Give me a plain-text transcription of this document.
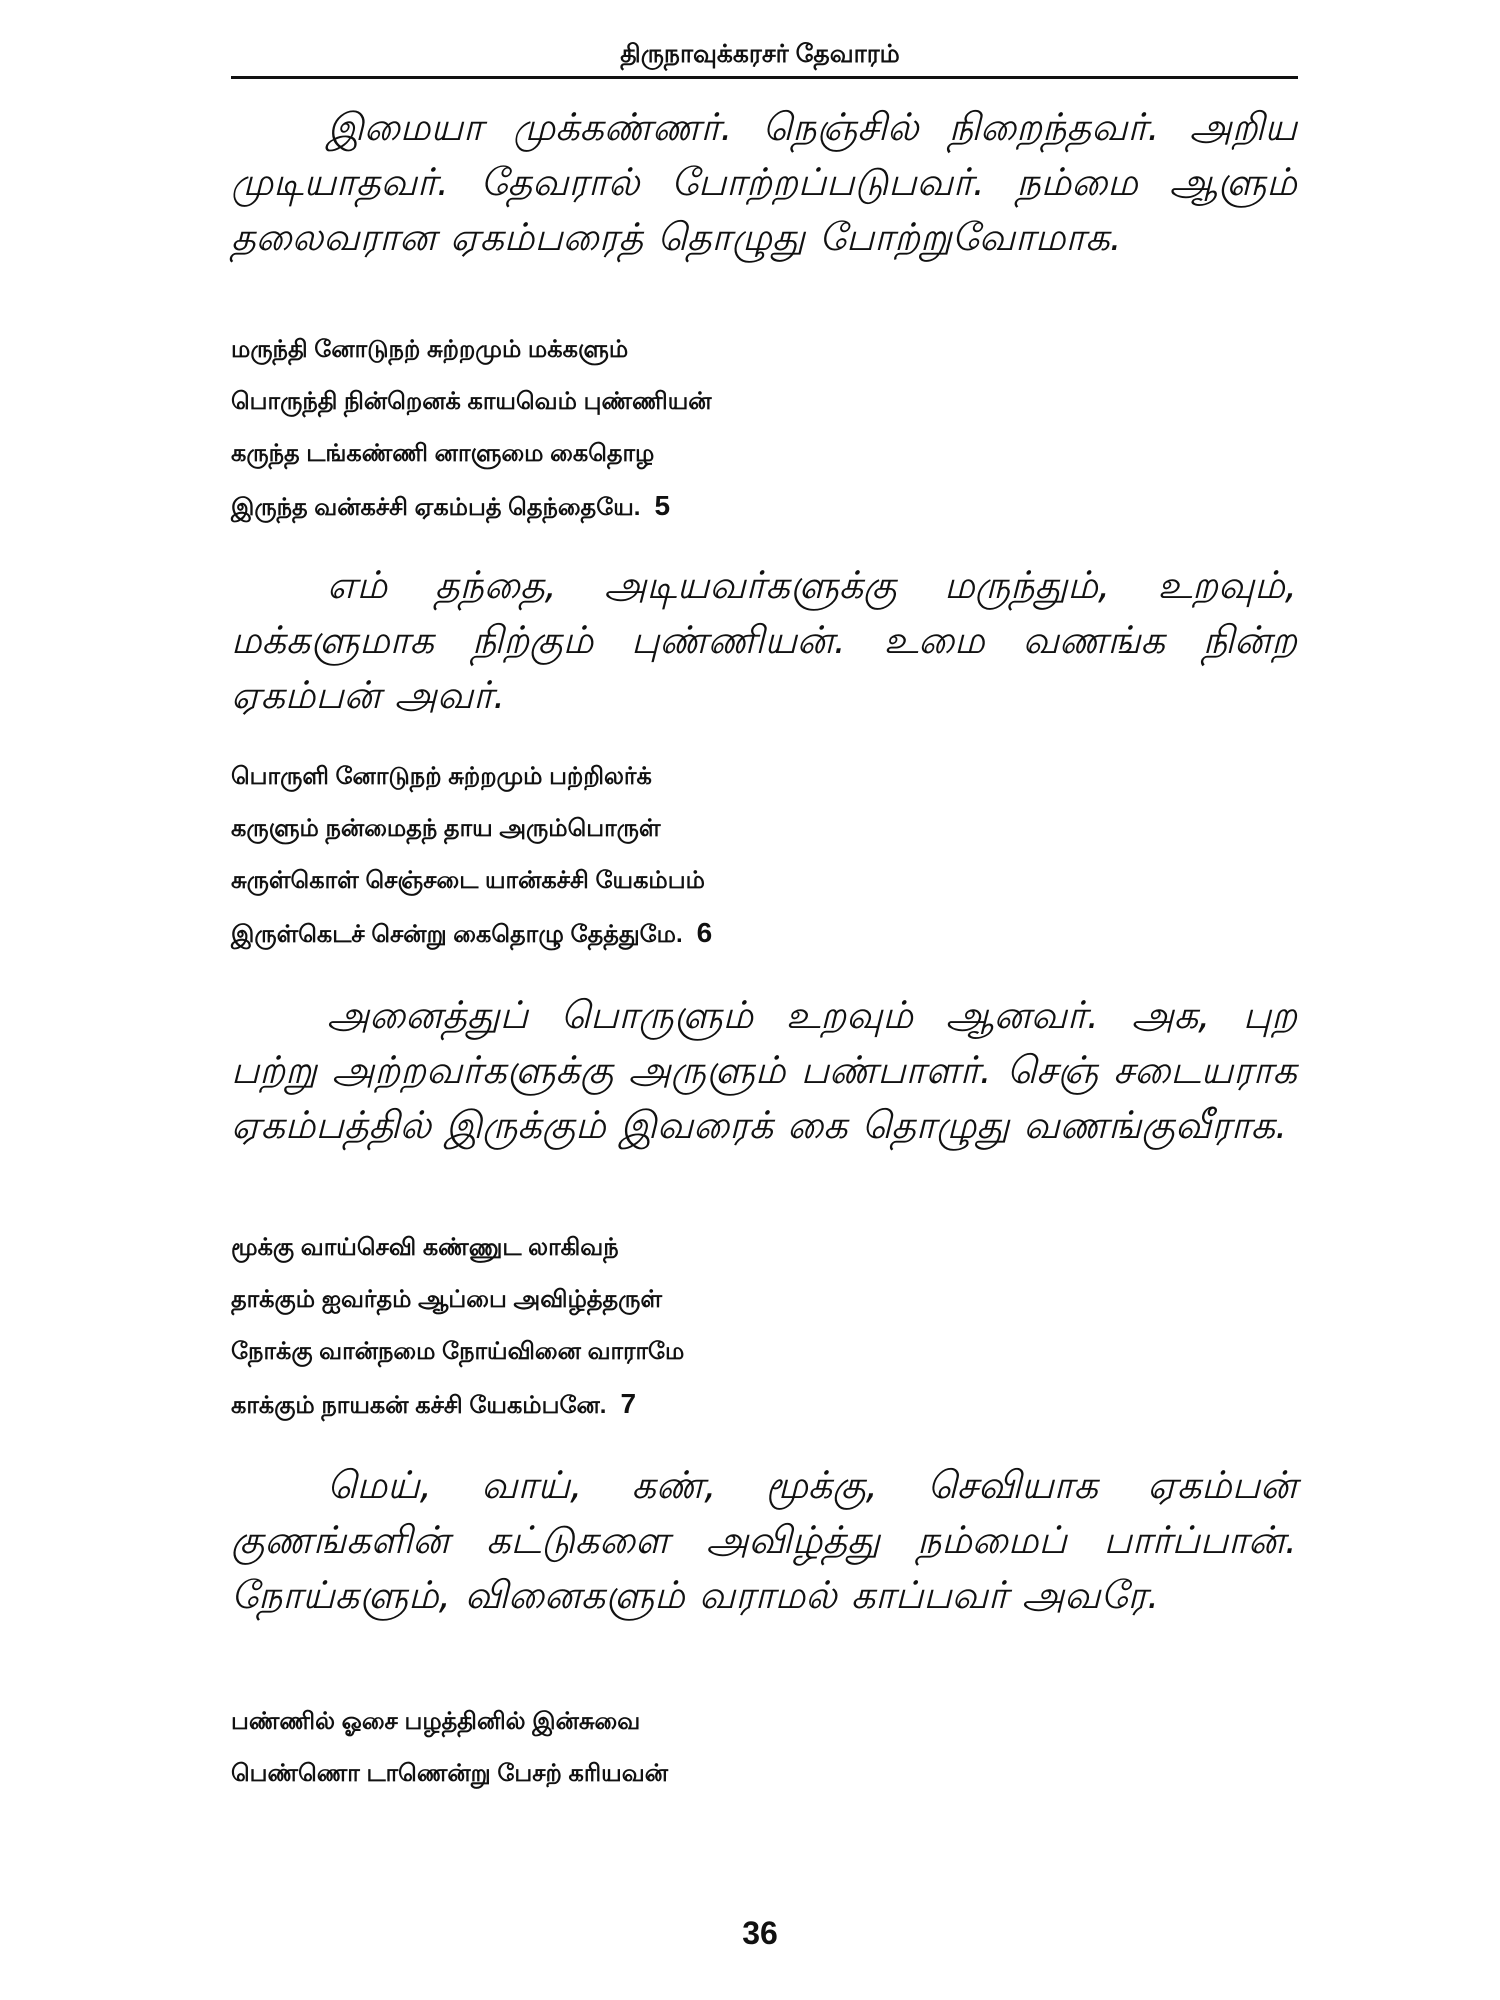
திருநாவுக்கரசர் தேவாரம்

இமையா முக்கண்ணர். நெஞ்சில் நிறைந்தவர். அறிய முடியாதவர். தேவரால் போற்றப்படுபவர். நம்மை ஆளும் தலைவரான ஏகம்பரைத் தொழுது போற்றுவோமாக.

மருந்தி னோடுநற் சுற்றமும் மக்களும்
பொருந்தி நின்றெனக் காயவெம் புண்ணியன்
கருந்த டங்கண்ணி னாளுமை கைதொழ
இருந்த வன்கச்சி ஏகம்பத் தெந்தையே. 5

எம் தந்தை, அடியவர்களுக்கு மருந்தும், உறவும், மக்களுமாக நிற்கும் புண்ணியன். உமை வணங்க நின்ற ஏகம்பன் அவர்.

பொருளி னோடுநற் சுற்றமும் பற்றிலர்க்
கருளும் நன்மைதந் தாய அரும்பொருள்
சுருள்கொள் செஞ்சடை யான்கச்சி யேகம்பம்
இருள்கெடச் சென்று கைதொழு தேத்துமே. 6

அனைத்துப் பொருளும் உறவும் ஆனவர். அக, புற பற்று அற்றவர்களுக்கு அருளும் பண்பாளர். செஞ் சடையராக ஏகம்பத்தில் இருக்கும் இவரைக் கை தொழுது வணங்குவீராக.

மூக்கு வாய்செவி கண்ணுட லாகிவந்
தாக்கும் ஐவர்தம் ஆப்பை அவிழ்த்தருள்
நோக்கு வான்நமை நோய்வினை வாராமே
காக்கும் நாயகன் கச்சி யேகம்பனே. 7

மெய், வாய், கண், மூக்கு, செவியாக ஏகம்பன் குணங்களின் கட்டுகளை அவிழ்த்து நம்மைப் பார்ப்பான். நோய்களும், வினைகளும் வராமல் காப்பவர் அவரே.

பண்ணில் ஓசை பழத்தினில் இன்சுவை
பெண்ணொ டாணென்று பேசற் கரியவன்
36
